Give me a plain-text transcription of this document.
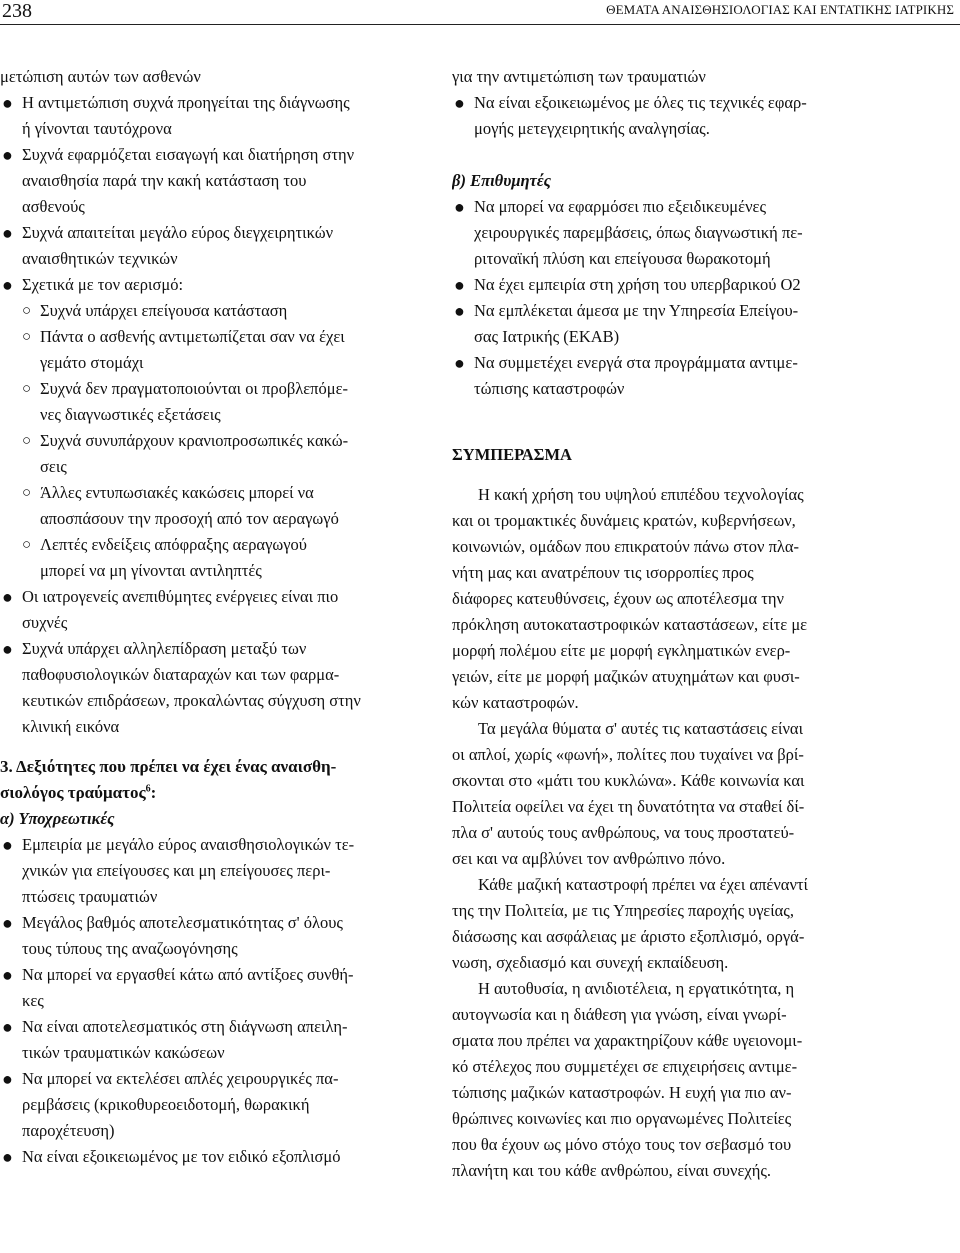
238	ΘΕΜΑΤΑ ΑΝΑΙΣΘΗΣΙΟΛΟΓΙΑΣ ΚΑΙ ΕΝΤΑΤΙΚΗΣ ΙΑΤΡΙΚΗΣ
μετώπιση αυτών των ασθενών
● Η αντιμετώπιση συχνά προηγείται της διάγνωσης
ή γίνονται ταυτόχρονα
● Συχνά εφαρμόζεται εισαγωγή και διατήρηση στην
αναισθησία παρά την κακή κατάσταση του
ασθενούς
● Συχνά απαιτείται μεγάλο εύρος διεγχειρητικών
αναισθητικών τεχνικών
● Σχετικά με τον αερισμό:
○ Συχνά υπάρχει επείγουσα κατάσταση
○ Πάντα ο ασθενής αντιμετωπίζεται σαν να έχει
γεμάτο στομάχι
○ Συχνά δεν πραγματοποιούνται οι προβλεπόμε-
νες διαγνωστικές εξετάσεις
○ Συχνά συνυπάρχουν κρανιοπροσωπικές κακώ-
σεις
○ Άλλες εντυπωσιακές κακώσεις μπορεί να
αποσπάσουν την προσοχή από τον αεραγωγό
○ Λεπτές ενδείξεις απόφραξης αεραγωγού
μπορεί να μη γίνονται αντιληπτές
● Οι ιατρογενείς ανεπιθύμητες ενέργειες είναι πιο
συχνές
● Συχνά υπάρχει αλληλεπίδραση μεταξύ των
παθοφυσιολογικών διαταραχών και των φαρμα-
κευτικών επιδράσεων, προκαλώντας σύγχυση στην
κλινική εικόνα
3. Δεξιότητες που πρέπει να έχει ένας αναισθη-
σιολόγος τραύματος$^6$:
α) Υποχρεωτικές
● Εμπειρία με μεγάλο εύρος αναισθησιολογικών τε-
χνικών για επείγουσες και μη επείγουσες περι-
πτώσεις τραυματιών
● Μεγάλος βαθμός αποτελεσματικότητας σ' όλους
τους τύπους της αναζωογόνησης
● Να μπορεί να εργασθεί κάτω από αντίξοες συνθή-
κες
● Να είναι αποτελεσματικός στη διάγνωση απειλη-
τικών τραυματικών κακώσεων
● Να μπορεί να εκτελέσει απλές χειρουργικές πα-
ρεμβάσεις (κρικοθυρεοειδοτομή, θωρακική
παροχέτευση)
● Να είναι εξοικειωμένος με τον ειδικό εξοπλισμό
για την αντιμετώπιση των τραυματιών
● Να είναι εξοικειωμένος με όλες τις τεχνικές εφαρ-
μογής μετεγχειρητικής αναλγησίας.
β) Επιθυμητές
● Να μπορεί να εφαρμόσει πιο εξειδικευμένες
χειρουργικές παρεμβάσεις, όπως διαγνωστική πε-
ριτοναϊκή πλύση και επείγουσα θωρακοτομή
● Να έχει εμπειρία στη χρήση του υπερβαρικού Ο2
● Να εμπλέκεται άμεσα με την Υπηρεσία Επείγου-
σας Ιατρικής (ΕΚΑΒ)
● Να συμμετέχει ενεργά στα προγράμματα αντιμε-
τώπισης καταστροφών
ΣΥΜΠΕΡΑΣΜΑ
Η κακή χρήση του υψηλού επιπέδου τεχνολογίας
και οι τρομακτικές δυνάμεις κρατών, κυβερνήσεων,
κοινωνιών, ομάδων που επικρατούν πάνω στον πλα-
νήτη μας και ανατρέπουν τις ισορροπίες προς
διάφορες κατευθύνσεις, έχουν ως αποτέλεσμα την
πρόκληση αυτοκαταστροφικών καταστάσεων, είτε με
μορφή πολέμου είτε με μορφή εγκληματικών ενερ-
γειών, είτε με μορφή μαζικών ατυχημάτων και φυσι-
κών καταστροφών.
Τα μεγάλα θύματα σ' αυτές τις καταστάσεις είναι
οι απλοί, χωρίς «φωνή», πολίτες που τυχαίνει να βρί-
σκονται στο «μάτι του κυκλώνα». Κάθε κοινωνία και
Πολιτεία οφείλει να έχει τη δυνατότητα να σταθεί δί-
πλα σ' αυτούς τους ανθρώπους, να τους προστατεύ-
σει και να αμβλύνει τον ανθρώπινο πόνο.
Κάθε μαζική καταστροφή πρέπει να έχει απέναντί
της την Πολιτεία, με τις Υπηρεσίες παροχής υγείας,
διάσωσης και ασφάλειας με άριστο εξοπλισμό, οργά-
νωση, σχεδιασμό και συνεχή εκπαίδευση.
Η αυτοθυσία, η ανιδιοτέλεια, η εργατικότητα, η
αυτογνωσία και η διάθεση για γνώση, είναι γνωρί-
σματα που πρέπει να χαρακτηρίζουν κάθε υγειονομι-
κό στέλεχος που συμμετέχει σε επιχειρήσεις αντιμε-
τώπισης μαζικών καταστροφών. Η ευχή για πιο αν-
θρώπινες κοινωνίες και πιο οργανωμένες Πολιτείες
που θα έχουν ως μόνο στόχο τους τον σεβασμό του
πλανήτη και του κάθε ανθρώπου, είναι συνεχής.
